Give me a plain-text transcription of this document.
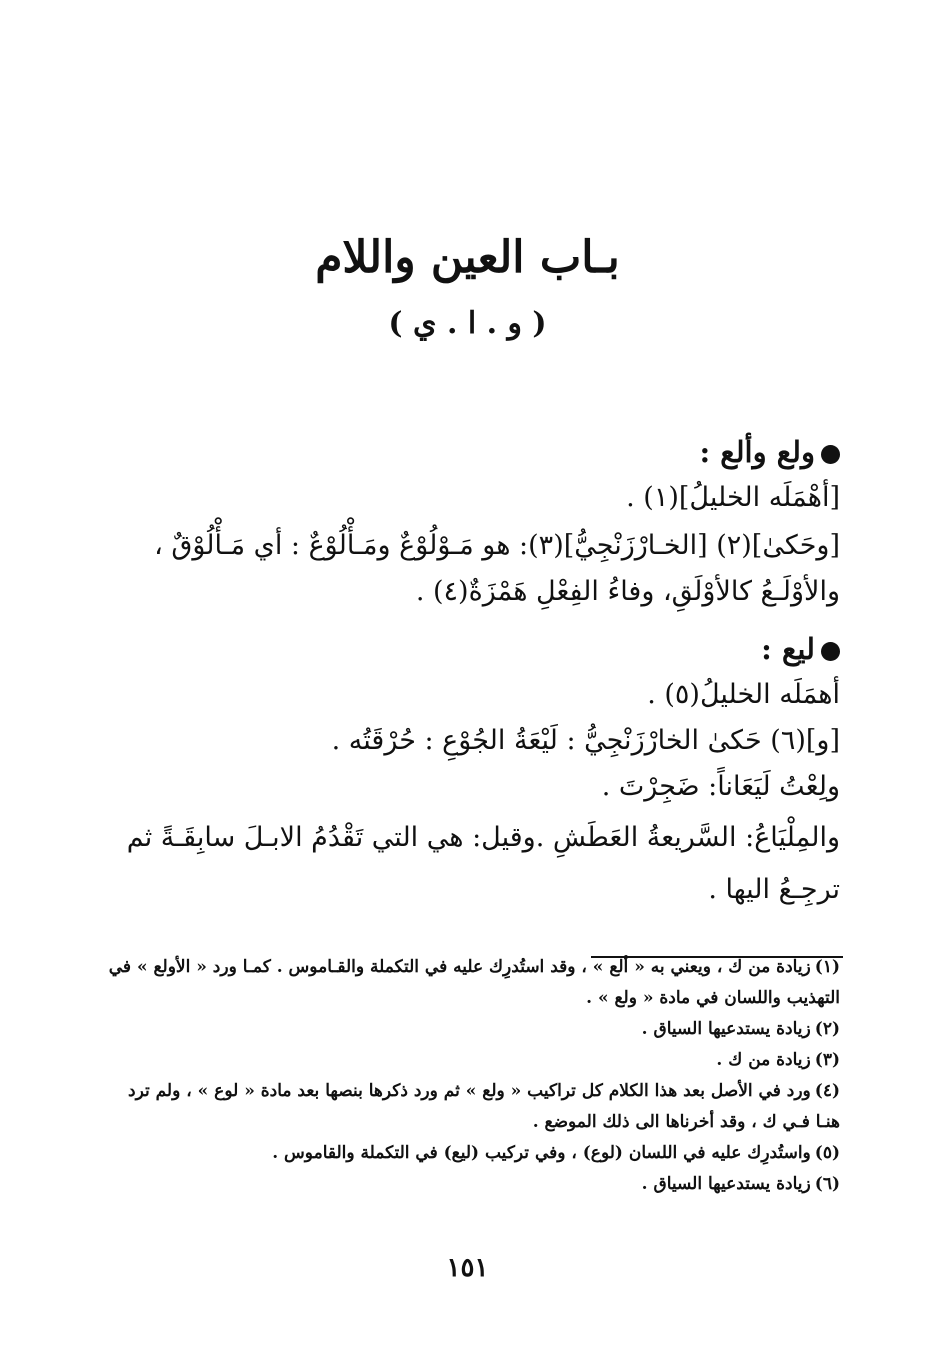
بـاب العين واللام
( و . ا . ي )
ولع وألع :
[أهْمَلَه الخليلُ](١) .
[وحَكىٰ](٢) [الخـارْزَنْجِيُّ](٣): هو مَـوْلُوْعٌ ومَـأْلُوْعٌ : أي مَـأْلُوْقٌ ، والأوْلَـعُ كالأوْلَقِ، وفاءُ الفِعْلِ هَمْزَةٌ(٤) .
ليع :
أهمَلَه الخليلُ(٥) .
[و](٦) حَكىٰ الخارْزَنْجِيُّ : لَيْعَةُ الجُوْعِ : حُرْقَتُه .
ولِعْتُ لَيَعَاناً: ضَجِرْتَ .
والمِلْيَاعُ: السَّريعةُ العَطَشِ .وقيل: هي التي تَقْدُمُ الابـلَ سابِقَـةً ثم ترجِـعُ اليها .
(١)زيادة من ك ، ويعني به « ألع » ، وقد استُدرِك عليه في التكملة والقـاموس . كمـا ورد « الأولع » في التهذيب واللسان في مادة « ولع » .
(٢)زيادة يستدعيها السياق .
(٣)زيادة من ك .
(٤)ورد في الأصل بعد هذا الكلام كل تراكيب « ولع » ثم ورد ذكرها بنصها بعد مادة « لوع » ، ولم ترد هنـا فـي ك ، وقد أخرناها الى ذلك الموضع .
(٥)واستُدرِك عليه في اللسان (لوع) ، وفي تركيب (ليع) في التكملة والقاموس .
(٦)زيادة يستدعيها السياق .
١٥١
